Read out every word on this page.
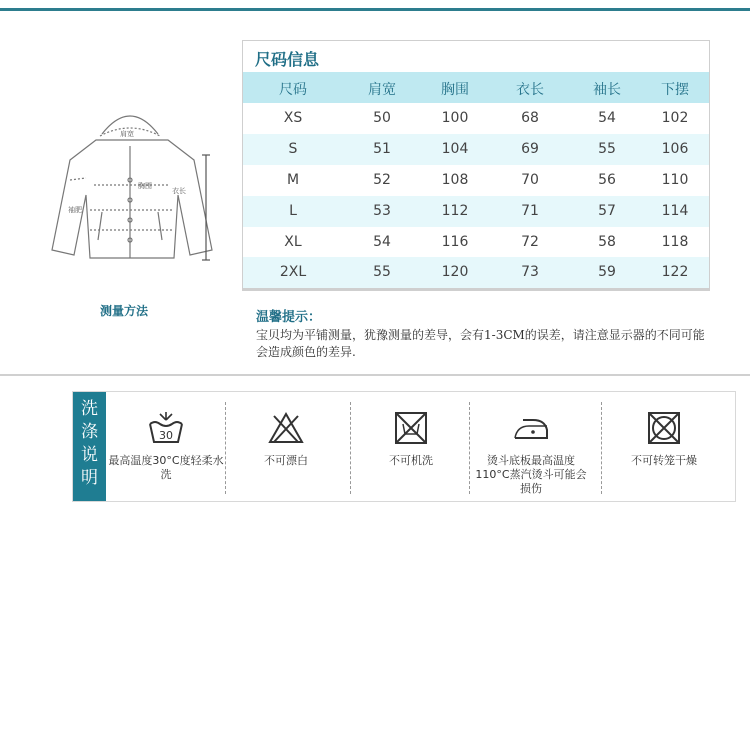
肩宽
胸围
衣长
袖肥
测量方法
尺码信息
尺码	肩宽	胸围	衣长	袖长	下摆
XS	50	100	68	54	102
S	51	104	69	55	106
M	52	108	70	56	110
L	53	112	71	57	114
XL	54	116	72	58	118
2XL	55	120	73	59	122
温馨提示：
宝贝均为平铺测量，犹豫测量的差导，会有1-3CM的误差，请注意显示器的不同可能会造成颜色的差异.
洗涤说明
30
最高温度30°C度轻柔水洗
不可漂白	不可机洗	烫斗底板最高温度110°C蒸汽烫斗可能会损伤
不可转笼干燥
